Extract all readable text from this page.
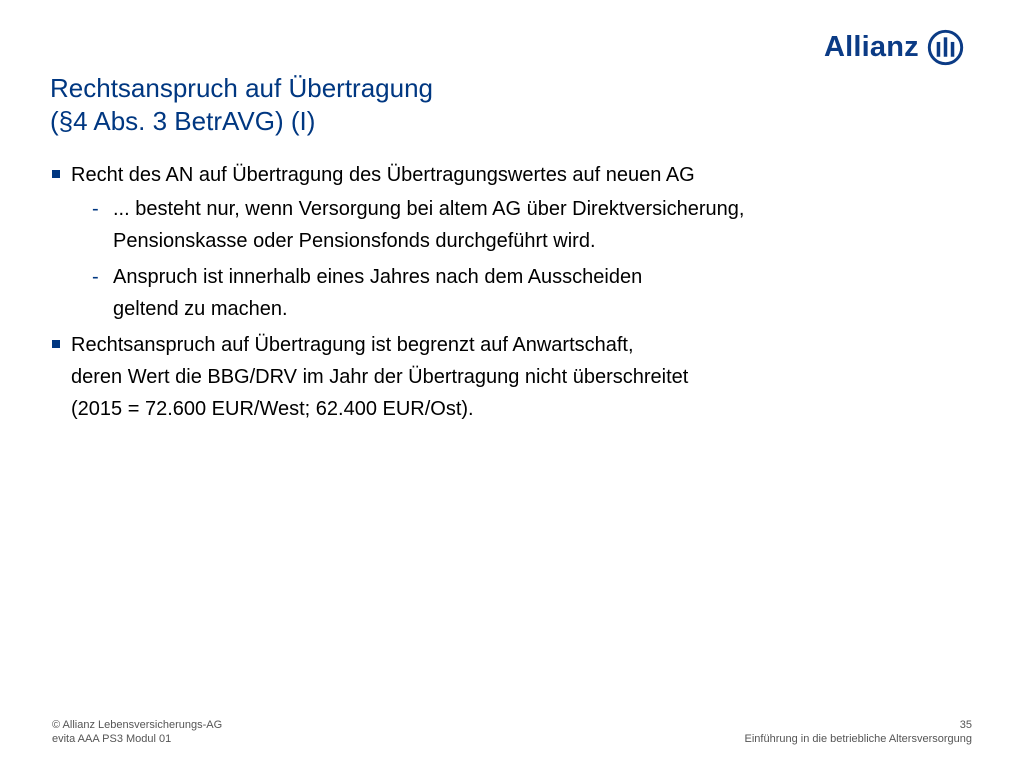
Allianz
Rechtsanspruch auf Übertragung
(§4 Abs. 3 BetrAVG) (I)
Recht des AN auf Übertragung des Übertragungswertes auf neuen AG
- ... besteht nur, wenn Versorgung bei altem AG über Direktversicherung,
Pensionskasse oder Pensionsfonds durchgeführt wird.
- Anspruch ist innerhalb eines Jahres nach dem Ausscheiden
geltend zu machen.
Rechtsanspruch auf Übertragung ist begrenzt auf Anwartschaft,
deren Wert die BBG/DRV im Jahr der Übertragung nicht überschreitet
(2015 = 72.600 EUR/West; 62.400 EUR/Ost).
© Allianz Lebensversicherungs-AG
evita AAA PS3 Modul 01
35
Einführung in die betriebliche Altersversorgung
